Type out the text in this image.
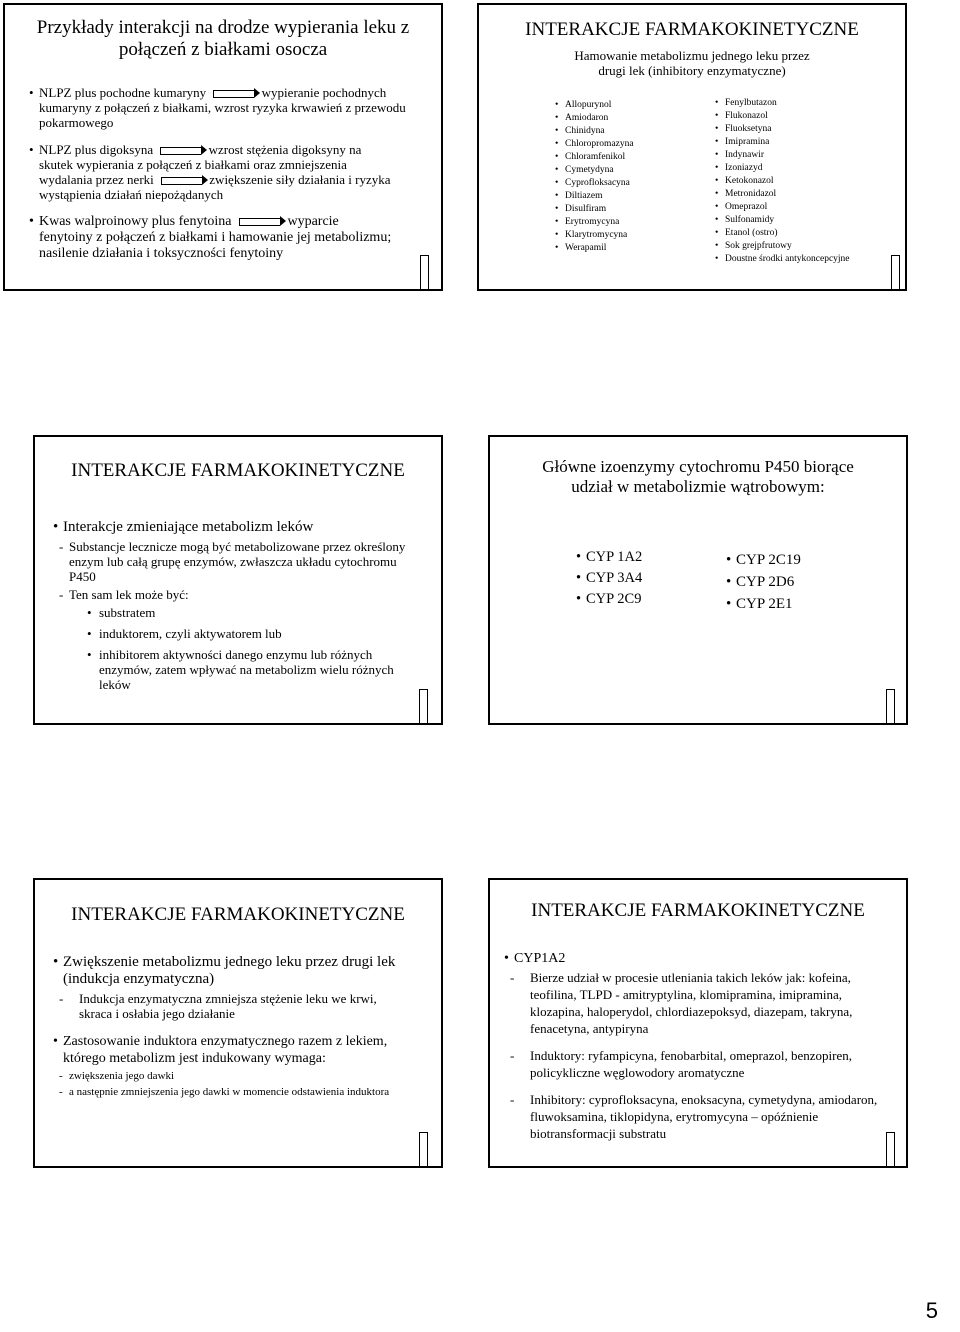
Przykłady interakcji na drodze wypierania leku z połączeń z białkami osocza
• NLPZ plus pochodne kumaryny	wypieranie pochodnych
kumaryny z połączeń z białkami, wzrost ryzyka krwawień z przewodu pokarmowego
• NLPZ plus digoksyna	wzrost stężenia digoksyny na
skutek wypierania z połączeń z białkami oraz zmniejszenia
wydalania przez nerki	zwiększenie siły działania i ryzyka
wystąpienia działań niepożądanych
• Kwas walproinowy plus fenytoina	wyparcie
fenytoiny z połączeń z białkami i hamowanie jej metabolizmu; nasilenie działania i toksyczności fenytoiny
INTERAKCJE FARMAKOKINETYCZNE
Hamowanie metabolizmu jednego leku przez drugi lek (inhibitory enzymatyczne)
• Allopurynol
• Amiodaron
• Chinidyna
• Chloropromazyna
• Chloramfenikol
• Cymetydyna
• Cyprofloksacyna
• Diltiazem
• Disulfiram
• Erytromycyna
• Klarytromycyna
• Werapamil
• Fenylbutazon
• Flukonazol
• Fluoksetyna
• Imipramina
• Indynawir
• Izoniazyd
• Ketokonazol
• Metronidazol
• Omeprazol
• Sulfonamidy
• Etanol (ostro)
• Sok grejpfrutowy
• Doustne środki antykoncepcyjne
INTERAKCJE FARMAKOKINETYCZNE
• Interakcje zmieniające metabolizm leków
- Substancje lecznicze mogą być metabolizowane przez określony enzym lub całą grupę enzymów, zwłaszcza układu cytochromu P450
- Ten sam lek może być:
• substratem
• induktorem, czyli aktywatorem lub
• inhibitorem aktywności danego enzymu lub różnych enzymów, zatem wpływać na metabolizm wielu różnych leków
Główne izoenzymy cytochromu P450 biorące udział w metabolizmie wątrobowym:
• CYP 1A2
• CYP 3A4
• CYP 2C9
• CYP 2C19
• CYP 2D6
• CYP 2E1
INTERAKCJE FARMAKOKINETYCZNE
• Zwiększenie metabolizmu jednego leku przez drugi lek (indukcja enzymatyczna)
- Indukcja enzymatyczna zmniejsza stężenie leku we krwi, skraca i osłabia jego działanie
• Zastosowanie induktora enzymatycznego razem z lekiem, którego metabolizm jest indukowany wymaga:
- zwiększenia jego dawki
- a następnie zmniejszenia jego dawki w momencie odstawienia induktora
INTERAKCJE FARMAKOKINETYCZNE
• CYP1A2
- Bierze udział w procesie utleniania takich leków jak: kofeina, teofilina, TLPD - amitryptylina, klomipramina, imipramina, klozapina, haloperydol, chlordiazepoksyd, diazepam, takryna, fenacetyna, antypiryna
- Induktory: ryfampicyna, fenobarbital, omeprazol, benzopiren, policykliczne węglowodory aromatyczne
- Inhibitory: cyprofloksacyna, enoksacyna, cymetydyna, amiodaron, fluwoksamina, tiklopidyna, erytromycyna – opóźnienie biotransformacji substratu
5
